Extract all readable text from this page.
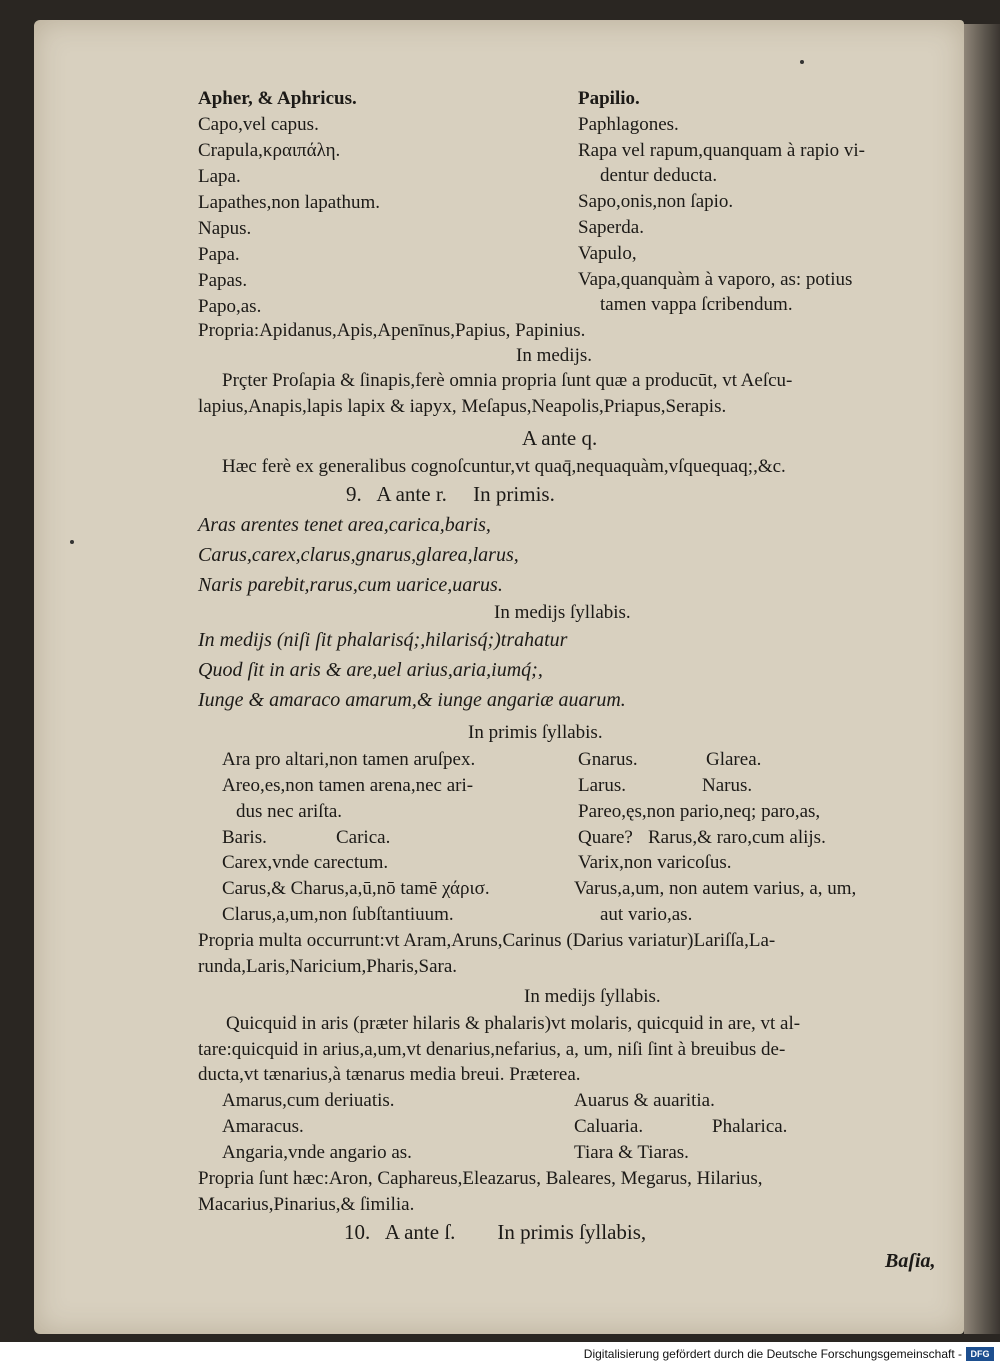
Apher, & Aphricus.	Papilio.
Capo,vel capus.	Paphlagones.
Crapula,κραιπάλη.	Rapa vel rapum,quanquam à rapio vi-
dentur deducta.
Lapa.
Lapathes,non lapathum.	Sapo,onis,non ſapio.
Napus.	Saperda.
Papa.	Vapulo,
Papas.	Vapa,quanquàm à vaporo, as: potius
Papo,as.	tamen vappa ſcribendum.
Propria:Apidanus,Apis,Apenīnus,Papius, Papinius.
In medijs.
Prçter Proſapia & ſinapis,ferè omnia propria ſunt quæ a producūt, vt Aeſcu-
lapius,Anapis,lapis lapix & iapyx, Meſapus,Neapolis,Priapus,Serapis.
A ante q.
Hæc ferè ex generalibus cognoſcuntur,vt quaq̄,nequaquàm,vſquequaq;,&c.
9.   A ante r.     In primis.
Aras arentes tenet area,carica,baris,
Carus,carex,clarus,gnarus,glarea,larus,
Naris parebit,rarus,cum uarice,uarus.
In medijs ſyllabis.
In medijs (niſi ſit phalarisq́;,hilarisq́;)trahatur
Quod ſit in aris & are,uel arius,aria,iumq́;,
Iunge & amaraco amarum,& iunge angariæ auarum.
In primis ſyllabis.
Ara pro altari,non tamen aruſpex.	Gnarus.	Glarea.
Areo,es,non tamen arena,nec ari-	Larus.	Narus.
dus nec ariſta.	Pareo,ęs,non pario,neq; paro,as,
Baris.	Carica.	Quare? Rarus,& raro,cum alijs.
Carex,vnde carectum.	Varix,non varicoſus.
Carus,& Charus,a,ū,nō tamē χάρισ.	Varus,a,um, non autem varius, a, um,
Clarus,a,um,non ſubſtantiuum.	aut vario,as.
Propria multa occurrunt:vt Aram,Aruns,Carinus (Darius variatur)Lariſſa,La-
runda,Laris,Naricium,Pharis,Sara.
In medijs ſyllabis.
Quicquid in aris (præter hilaris & phalaris)vt molaris, quicquid in are, vt al-
tare:quicquid in arius,a,um,vt denarius,nefarius, a, um, niſi ſint à breuibus de-
ducta,vt tænarius,à tænarus media breui. Præterea.
Amarus,cum deriuatis.	Auarus & auaritia.
Amaracus.	Caluaria.	Phalarica.
Angaria,vnde angario as.	Tiara & Tiaras.
Propria ſunt hæc:Aron, Caphareus,Eleazarus, Baleares, Megarus, Hilarius,
Macarius,Pinarius,& ſimilia.
10.   A ante ſ.        In primis ſyllabis,
Baſia,
Digitalisierung gefördert durch die Deutsche Forschungsgemeinschaft - DFG
